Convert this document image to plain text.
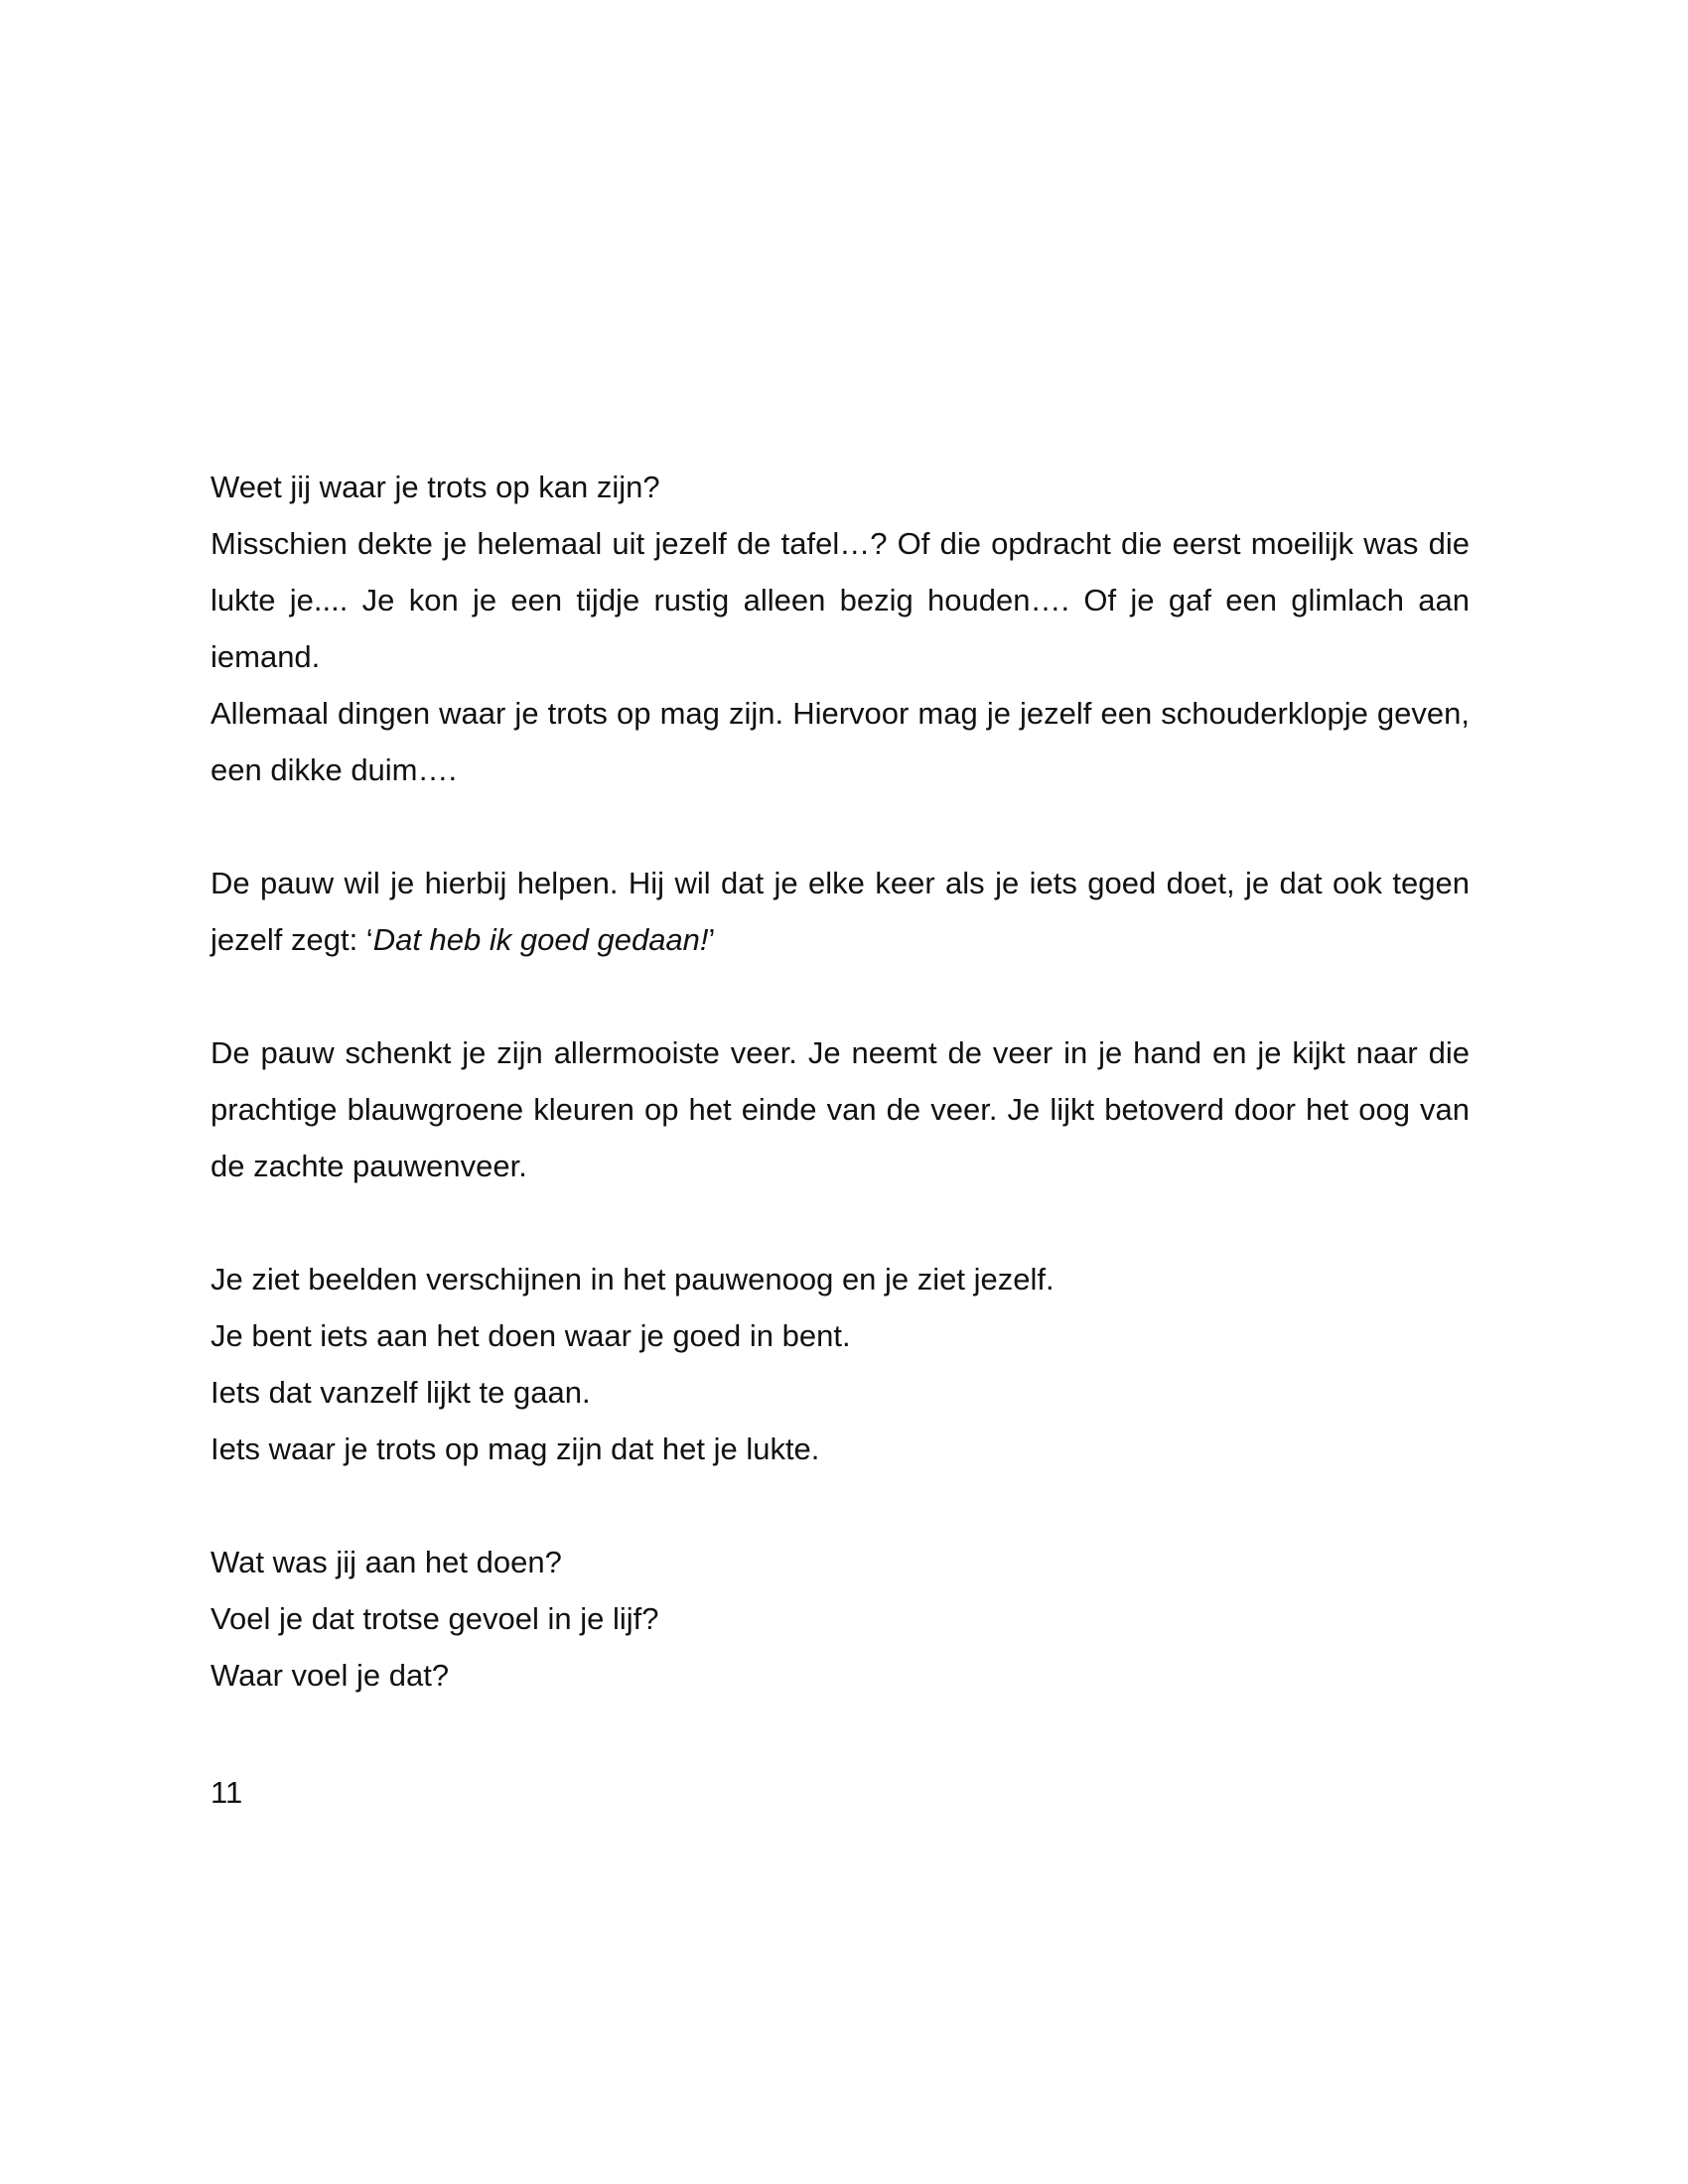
Weet jij waar je trots op kan zijn?
Misschien dekte je helemaal uit jezelf de tafel…? Of die opdracht die eerst moeilijk was die lukte je.... Je kon je een tijdje rustig alleen bezig houden…. Of je gaf een glimlach aan iemand.
Allemaal dingen waar je trots op mag zijn. Hiervoor mag je jezelf een schouderklopje geven, een dikke duim….
De pauw wil je hierbij helpen. Hij wil dat je elke keer als je iets goed doet, je dat ook tegen jezelf zegt: ‘Dat heb ik goed gedaan!’
De pauw schenkt je zijn allermooiste veer. Je neemt de veer in je hand en je kijkt naar die prachtige blauwgroene kleuren op het einde van de veer. Je lijkt betoverd door het oog van de zachte pauwenveer.
Je ziet beelden verschijnen in het pauwenoog en je ziet jezelf.
Je bent iets aan het doen waar je goed in bent.
Iets dat vanzelf lijkt te gaan.
Iets waar je trots op mag zijn dat het je lukte.
Wat was jij aan het doen?
Voel je dat trotse gevoel in je lijf?
Waar voel je dat?
11
